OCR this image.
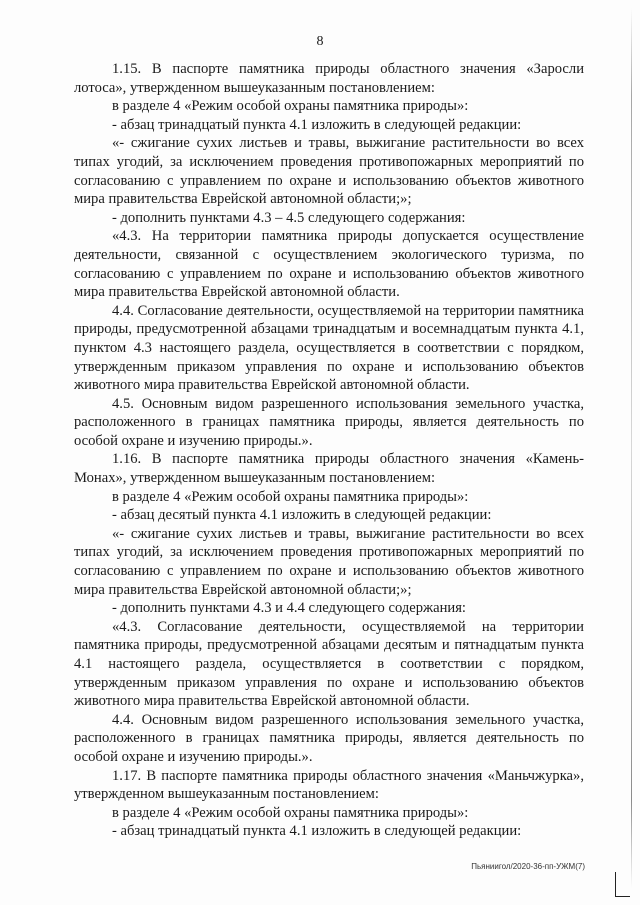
8

1.15. В паспорте памятника природы областного значения «Заросли лотоса», утвержденном вышеуказанным постановлением:

в разделе 4 «Режим особой охраны памятника природы»:

- абзац тринадцатый пункта 4.1 изложить в следующей редакции:

«- сжигание сухих листьев и травы, выжигание растительности во всех типах угодий, за исключением проведения противопожарных мероприятий по согласованию с управлением по охране и использованию объектов животного мира правительства Еврейской автономной области;»;

- дополнить пунктами 4.3 – 4.5 следующего содержания:

«4.3. На территории памятника природы допускается осуществление деятельности, связанной с осуществлением экологического туризма, по согласованию с управлением по охране и использованию объектов животного мира правительства Еврейской автономной области.

4.4. Согласование деятельности, осуществляемой на территории памятника природы, предусмотренной абзацами тринадцатым и восемнадцатым пункта 4.1, пунктом 4.3 настоящего раздела, осуществляется в соответствии с порядком, утвержденным приказом управления по охране и использованию объектов животного мира правительства Еврейской автономной области.

4.5. Основным видом разрешенного использования земельного участка, расположенного в границах памятника природы, является деятельность по особой охране и изучению природы.».

1.16. В паспорте памятника природы областного значения «Камень-Монах», утвержденном вышеуказанным постановлением:

в разделе 4 «Режим особой охраны памятника природы»:

- абзац десятый пункта 4.1 изложить в следующей редакции:

«- сжигание сухих листьев и травы, выжигание растительности во всех типах угодий, за исключением проведения противопожарных мероприятий по согласованию с управлением по охране и использованию объектов животного мира правительства Еврейской автономной области;»;

- дополнить пунктами 4.3 и 4.4 следующего содержания:

«4.3. Согласование деятельности, осуществляемой на территории памятника природы, предусмотренной абзацами десятым и пятнадцатым пункта 4.1 настоящего раздела, осуществляется в соответствии с порядком, утвержденным приказом управления по охране и использованию объектов животного мира правительства Еврейской автономной области.

4.4. Основным видом разрешенного использования земельного участка, расположенного в границах памятника природы, является деятельность по особой охране и изучению природы.».

1.17. В паспорте памятника природы областного значения «Маньчжурка», утвержденном вышеуказанным постановлением:

в разделе 4 «Режим особой охраны памятника природы»:

- абзац тринадцатый пункта 4.1 изложить в следующей редакции:

Пьяниигол/2020-36-пп-УЖМ(7)
